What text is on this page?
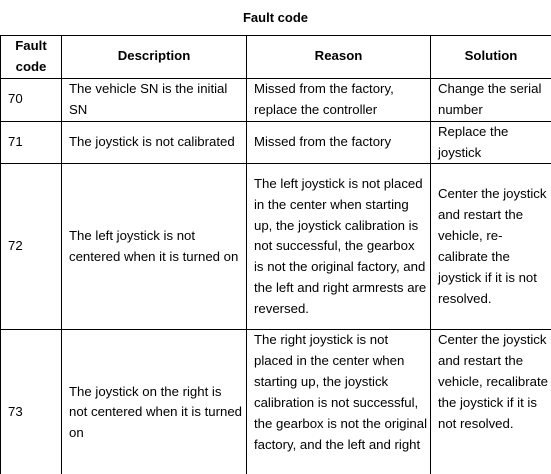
Fault code
Fault code	Description	Reason	Solution
70	The vehicle SN is the initial SN	Missed from the factory, replace the controller	Change the serial number
71	The joystick is not calibrated	Missed from the factory	Replace the joystick
72	The left joystick is not centered when it is turned on	The left joystick is not placed in the center when starting up, the joystick calibration is not successful, the gearbox is not the original factory, and the left and right armrests are reversed.	Center the joystick and restart the vehicle, re-calibrate the joystick if it is not resolved.
73	The joystick on the right is not centered when it is turned on	The right joystick is not placed in the center when starting up, the joystick calibration is not successful, the gearbox is not the original factory, and the left and right	Center the joystick and restart the vehicle, recalibrate the joystick if it is not resolved.
